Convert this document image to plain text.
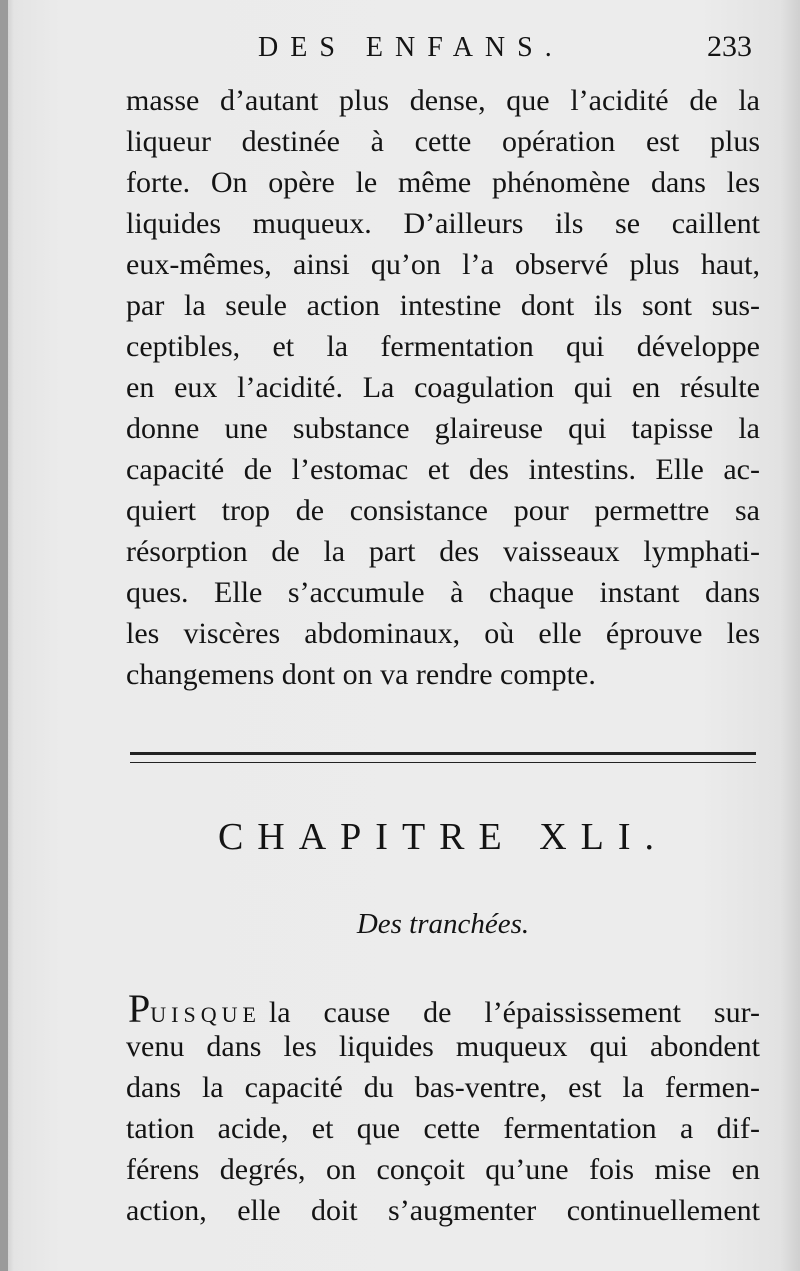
DES ENFANS.	233
masse d’autant plus dense, que l’acidité de la
liqueur destinée à cette opération est plus
forte. On opère le même phénomène dans les
liquides muqueux. D’ailleurs ils se caillent
eux-mêmes, ainsi qu’on l’a observé plus haut,
par la seule action intestine dont ils sont sus-
ceptibles, et la fermentation qui développe
en eux l’acidité. La coagulation qui en résulte
donne une substance glaireuse qui tapisse la
capacité de l’estomac et des intestins. Elle ac-
quiert trop de consistance pour permettre sa
résorption de la part des vaisseaux lymphati-
ques. Elle s’accumule à chaque instant dans
les viscères abdominaux, où elle éprouve les
changemens dont on va rendre compte.
CHAPITRE XLI.
Des tranchées.
P UISQUE la cause de l’épaississement sur-
venu dans les liquides muqueux qui abondent
dans la capacité du bas-ventre, est la fermen-
tation acide, et que cette fermentation a dif-
férens degrés, on conçoit qu’une fois mise en
action, elle doit s’augmenter continuellement
